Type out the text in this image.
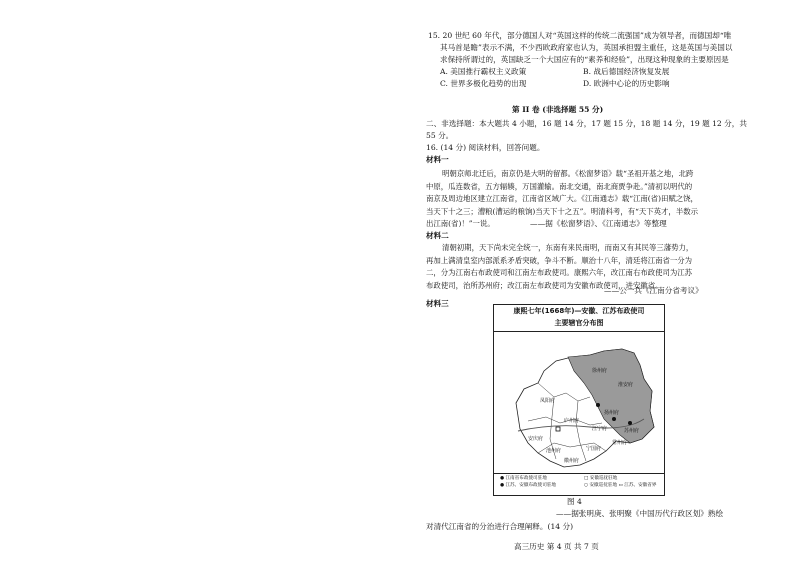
15. 20 世纪 60 年代，部分德国人对“英国这样的传统二流强国”成为领导者，而德国却“唯
其马首是瞻”表示不满，不少西欧政府家也认为，英国承担盟主重任，这是英国与美国以
求保持所谓过的，英国缺乏一个大国应有的“素养和经验”，出现这种现象的主要原因是
A. 美国推行霸权主义政策	B. 战后德国经济恢复发展
C. 世界多极化趋势的出现	D. 欧洲中心论的历史影响
第 II 卷 (非选择题 55 分)
二、非选择题：本大题共 4 小题，16 题 14 分，17 题 15 分，18 题 14 分，19 题 12 分，共
55 分。
16. (14 分) 阅读材料，回答问题。
材料一
明朝京师北迁后，南京仍是大明的留都。《松窗梦语》载“圣祖开基之地，北跨中原，瓜连数省，五方辐辏，万国灌输。南北交通，南北商贾争赴。”清初以明代的南京及周边地区建立江南省，江南省区域广大。《江南通志》载“江南(省)田赋之饶，当天下十之三；漕粮(漕运的粮饷)当天下十之五”。明清科考，有“天下英才，半数示出江南(省)！”一说。	——据《松窗梦语》、《江南通志》等整理
材料二
清朝初期，天下尚未完全统一，东南有来民南明，而南又有其民等三藩势力，再加上满清皇室内部派系矛盾突破，争斗不断。顺治十八年，清廷将江南省一分为二，分为江南右布政使司和江南左布政使司。康熙六年，改江南右布政使司为江苏布政使司，治所苏州府；改江南左布政使司为安徽布政使司，进安徽省。
——公一兵《江南分省考议》
材料三
康熙七年(1668年)—安徽、江苏布政使司
主要辖官分布图
徐州府
淮安府
凤阳府
扬州府
庐州府
江宁府	苏州府
安庆府
宁国府
徽州府
池州府
常州府
● 江南省布政使司驻地
● 江苏、安徽布政使司驻地
□ 安徽巡抚驻地
○ 安徽巡抚驻地 ▭ 江苏、安徽省界
图 4
——据张明庚、张明聚《中国历代行政区划》熟绘
对清代江南省的分治进行合理阐释。(14 分)
高三历史 第 4 页 共 7 页
